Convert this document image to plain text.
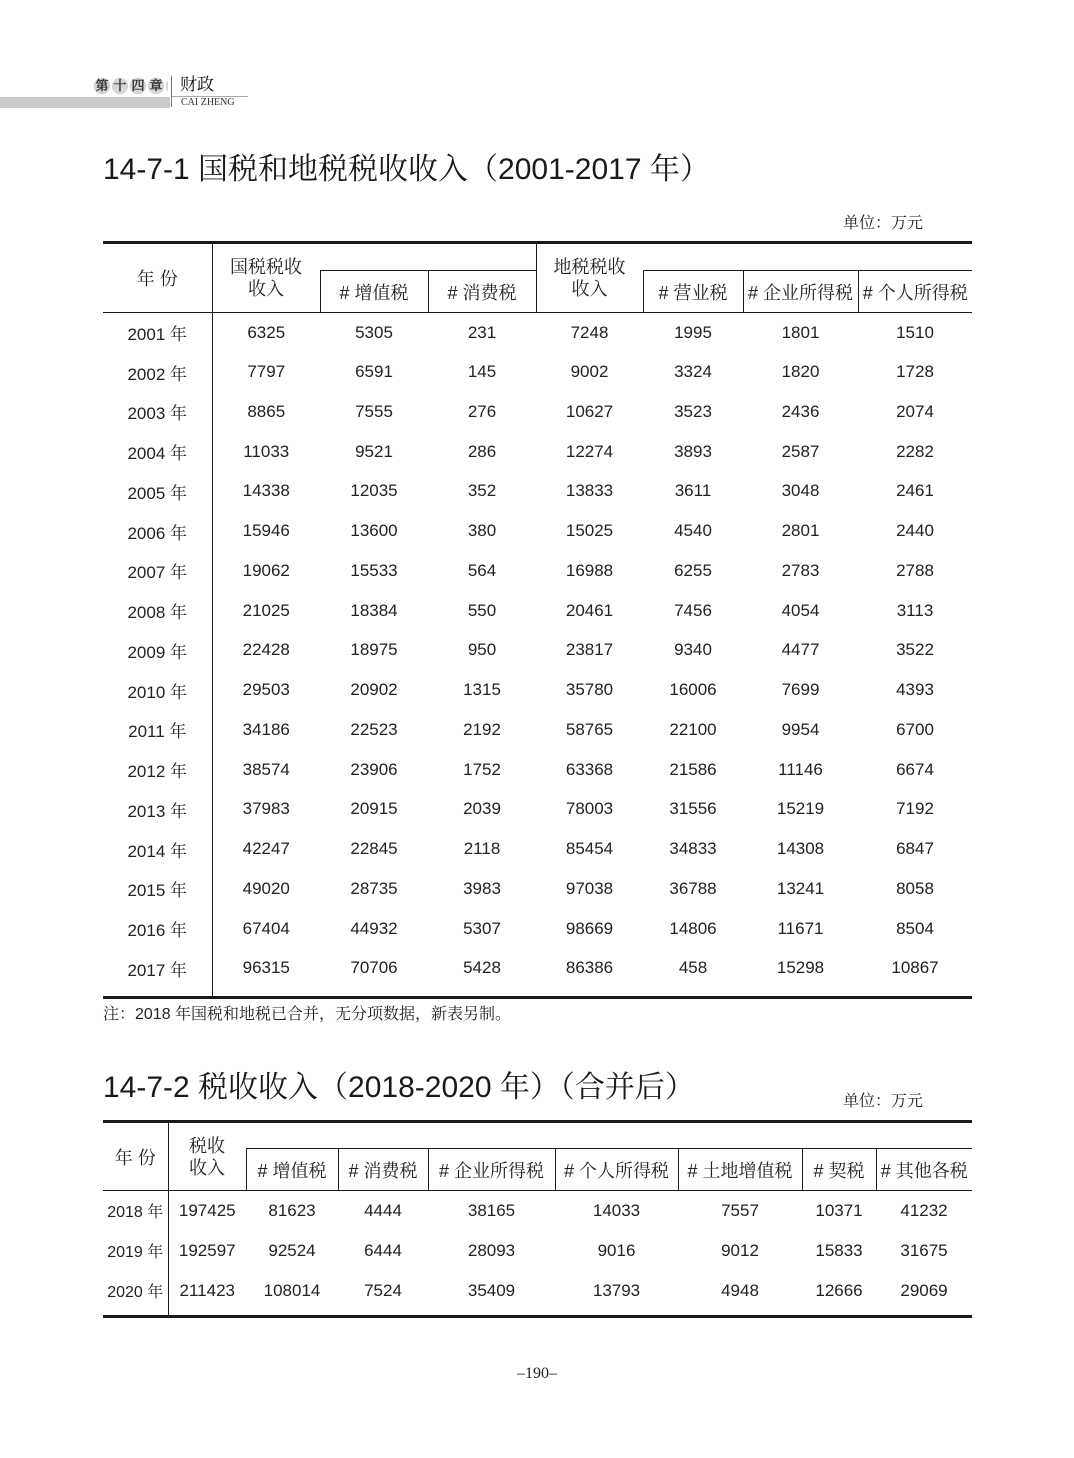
第十四章 财政
CAI ZHENG
14-7-1 国税和地税税收收入（2001-2017 年）
单位：万元
年 份	国税税收
收入			地税税收
收入			

		# 增值税	# 消费税		# 营业税	# 企业所得税	# 个人所得税
2001 年	6325	5305	231	7248	1995	1801	1510
2002 年	7797	6591	145	9002	3324	1820	1728
2003 年	8865	7555	276	10627	3523	2436	2074
2004 年	11033	9521	286	12274	3893	2587	2282
2005 年	14338	12035	352	13833	3611	3048	2461
2006 年	15946	13600	380	15025	4540	2801	2440
2007 年	19062	15533	564	16988	6255	2783	2788
2008 年	21025	18384	550	20461	7456	4054	3113
2009 年	22428	18975	950	23817	9340	4477	3522
2010 年	29503	20902	1315	35780	16006	7699	4393
2011 年	34186	22523	2192	58765	22100	9954	6700
2012 年	38574	23906	1752	63368	21586	11146	6674
2013 年	37983	20915	2039	78003	31556	15219	7192
2014 年	42247	22845	2118	85454	34833	14308	6847
2015 年	49020	28735	3983	97038	36788	13241	8058
2016 年	67404	44932	5307	98669	14806	11671	8504
2017 年	96315	70706	5428	86386	458	15298	10867

注：2018 年国税和地税已合并，无分项数据，新表另制。
14-7-2 税收收入（2018-2020 年）（合并后）	单位：万元
年 份	税收
收入							

		# 增值税	# 消费税	# 企业所得税	# 个人所得税	# 土地增值税	# 契税	# 其他各税
2018 年	197425	81623	4444	38165	14033	7557	10371	41232
2019 年	192597	92524	6444	28093	9016	9012	15833	31675
2020 年	211423	108014	7524	35409	13793	4948	12666	29069

–190–
